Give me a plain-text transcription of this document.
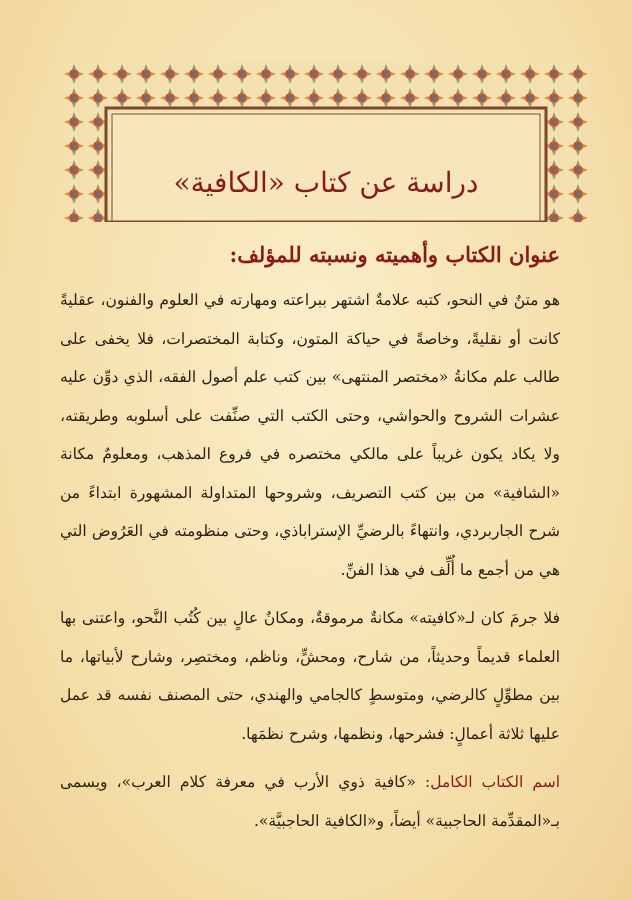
دراسة عن كتاب «الكافية»
عنوان الكتاب وأهميته ونسبته للمؤلف:

هو متنٌ في النحو، كتبه علامةٌ اشتهر ببراعته ومهارته في العلوم والفنون، عقليةً كانت أو نقليةً، وخاصةً في حياكة المتون، وكتابة المختصرات، فلا يخفى على طالب علم مكانةُ «مختصر المنتهى» بين كتب علم أصول الفقه، الذي دوِّن عليه عشرات الشروح والحواشي، وحتى الكتب التي صنِّفت على أسلوبه وطريقته، ولا يكاد يكون غريباً على مالكي مختصره في فروع المذهب، ومعلومٌ مكانة «الشافية» من بين كتب التصريف، وشروحها المتداولة المشهورة ابتداءً من شرح الجاربردي، وانتهاءً بالرضيِّ الإستراباذي، وحتى منظومته في العَرُوض التي هي من أجمع ما أُلِّف في هذا الفنِّ.

فلا جرمَ كان لـ«كافيته» مكانةٌ مرموقةٌ، ومكانٌ عالٍ بين كُتُب النَّحو، واعتنى بها العلماء قديماً وحديثاً، من شارح، ومحشٍّ، وناظم، ومختصِر، وشارح لأبياتها، ما بين مطوِّلٍ كالرضي، ومتوسطٍ كالجامي والهندي، حتى المصنف نفسه قد عمل عليها ثلاثة أعمالٍ: فشرحها، ونظمها، وشرح نظمَها.

اسم الكتاب الكامل: «كافية ذوي الأرب في معرفة كلام العرب»، ويسمى بـ«المقدِّمة الحاجبية» أيضاً، و«الكافية الحاجبيَّة».
